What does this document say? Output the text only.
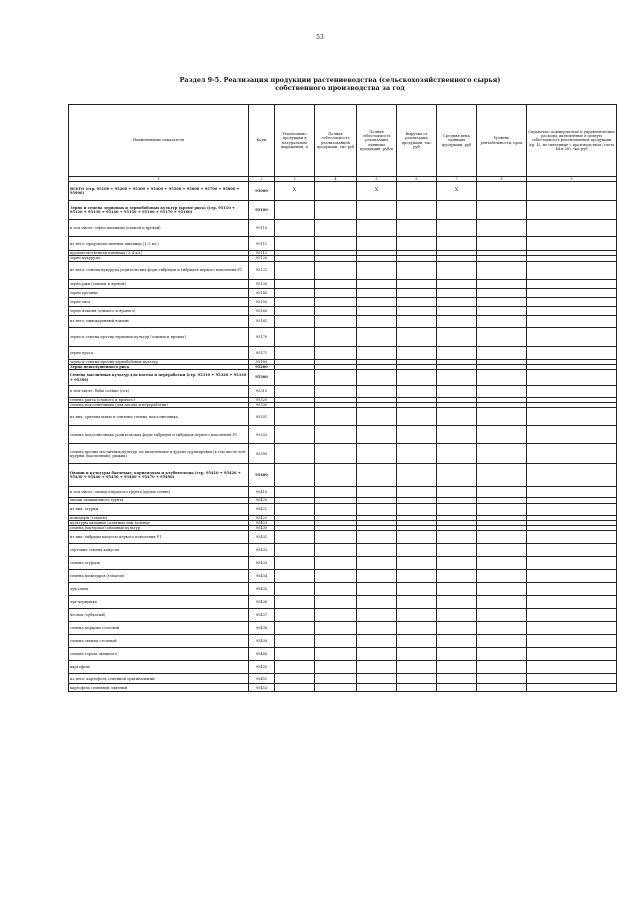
53
Раздел 9-5. Реализация продукции растениеводства (сельскохозяйственного сырья)
собственного производства за год
Наименование показателя	Коды	Реализовано продукции в натуральном выражении, ц	Полная себестоимость реализованной продукции, тыс руб	Полная себестоимость реализации единицы продукции, руб/ц	Выручка от реализации продукции, тыс руб	Средняя цена единицы продукции, руб	Уровень рентабельности, проц	Справочно: коммерческие и управленческие расходы, включенные в полную себестоимость реализованной продукции (гр. 4), не связанные с производством (счета 44 и 26), тыс руб
1	2	3	4	5	6	7	8	9
ВСЕГО (стр. 95100 + 95200 + 95300 + 95400 + 95500 + 95600 + 95700 + 95800 + 95900)	95000	X		X		X		
Зерно и семена зерновых и зернобобовых культур (кроме риса) (стр. 95110 + 95120 + 95130 + 95140 + 95150 + 95160 + 95170 + 95180)	95100							
в том числе: зерно пшеницы (озимой и яровой)	95110							
из него: продовольственная пшеница (1–2 кл.)	95111							
продовольственная пшеница (3–4 кл.)	95112							
зерно кукурузы	95120							
из него: семена кукурузы родительских форм гибридов и гибридов первого поколения F1	95121							
зерно ржи (озимой и яровой)	95130							
зерно гречихи	95140							
зерно овса	95150							
зерно ячменя (озимого и ярового)	95160							
из него: пивоваренный ячмень	95161							
зерно и семена прочих зерновых культур (озимых и яровых)	95170							
зерно проса	95171							
зерно и семена прочих зернобобовых культур	95180							
Зерно нешелушенного риса	95200							
Семена масличных культур для посева и переработки (стр. 95310 + 95320 + 95330 + 95390)	95300							
в том числе: бобы соевые (соя)	95310							
семена рапса (озимого и ярового)	95320							
семена подсолнечника (для посева и переработки)	95330							
из них: оригинальные и элитные семена подсолнечника	95331							
семена подсолнечника родительских форм гибридов и гибридов первого поколения F1	95332							
семена прочих масличных культур, не включенные в другие группировки (в том числе лен-кудряш (масличный), рыжик)	95390							
Овощи и культуры бахчевые, корнеплоды и клубнеплоды (стр. 95410 + 95420 + 95430 + 95440 + 95450 + 95460 + 95470 + 95490)	95400							
в том числе: овощи открытого грунта (кроме семян)	95410							
овощи защищенного грунта	95420							
из них: огурцы	95421							
помидоры (томаты)	95422							
культуры овощные салатные или зеленые	95423							
семена (материал) овощных культур	95430							
из них: гибриды капусты первого поколения F1	95431							
сортовые семена капусты	95432							
семена огурцов	95433							
семена помидоров (томатов)	95434							
лук-севок	95435							
лук-чернушка	95436							
чеснок (зубчатый)	95437							
семена моркови столовой	95438							
семена свеклы столовой	95439							
семена гороха овощного	95440							
картофель	95450							
из него: картофель семенной оригинальный	95451							
картофель семенной элитный	95452							
